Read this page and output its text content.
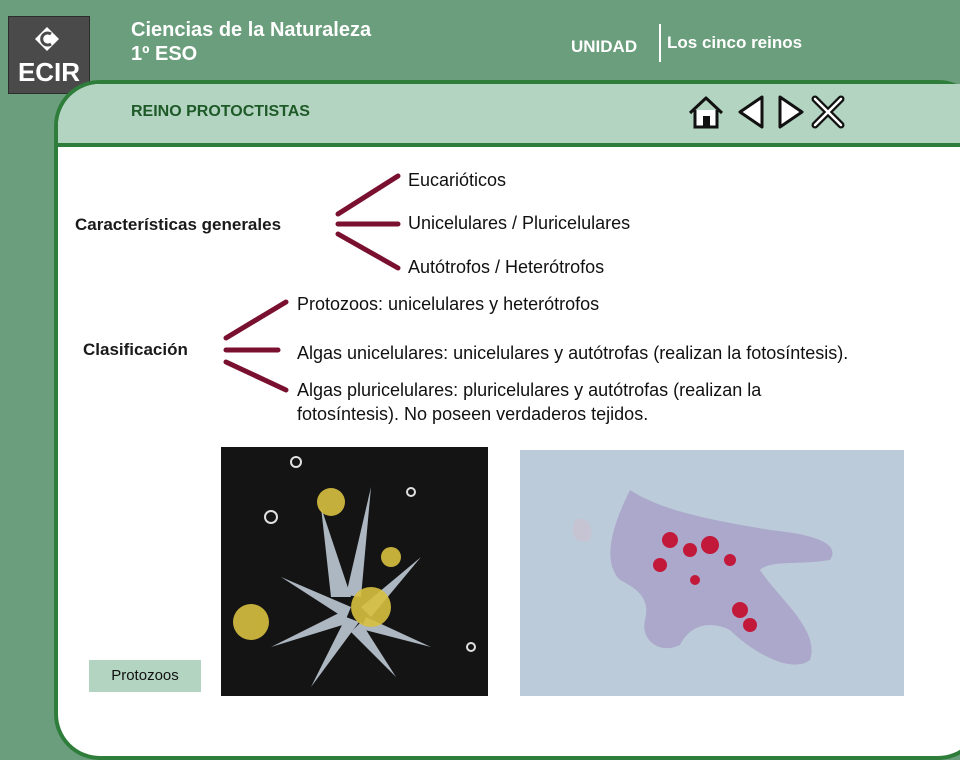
ECIR
Ciencias de la Naturaleza
1º ESO	UNIDAD Los cinco reinos
REINO PROTOCTISTAS
Características generales
Eucarióticos
Unicelulares / Pluricelulares
Autótrofos / Heterótrofos
Clasificación
Protozoos: unicelulares y heterótrofos
Algas unicelulares: unicelulares y autótrofas (realizan la fotosíntesis).
Algas pluricelulares: pluricelulares y autótrofas (realizan la
fotosíntesis). No poseen verdaderos tejidos.
Protozoos
